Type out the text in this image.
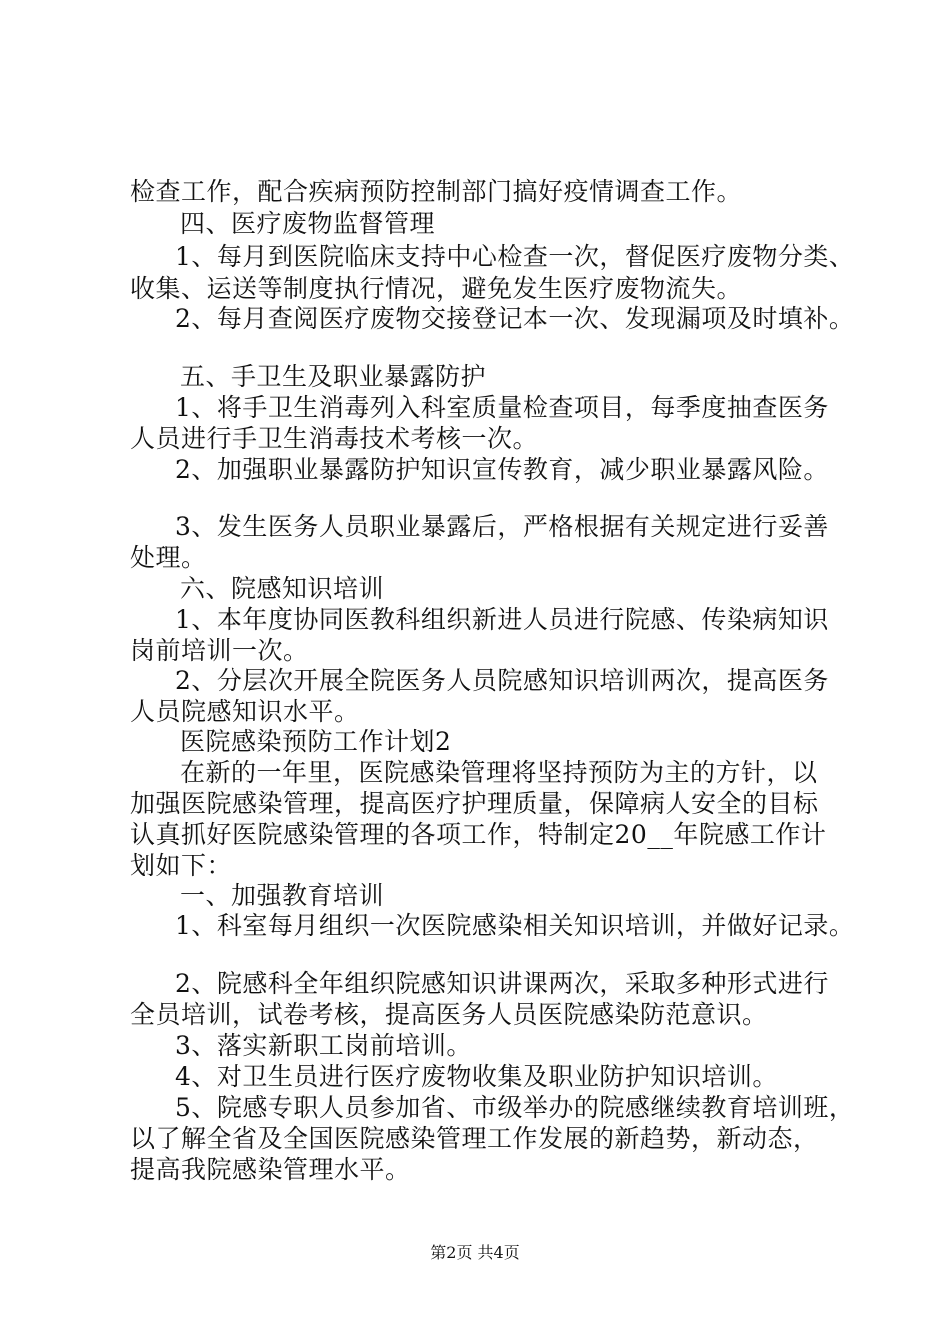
检查工作，配合疾病预防控制部门搞好疫情调查工作。
四、医疗废物监督管理
1、每月到医院临床支持中心检查一次，督促医疗废物分类、
收集、运送等制度执行情况，避免发生医疗废物流失。
2、每月查阅医疗废物交接登记本一次、发现漏项及时填补。
五、手卫生及职业暴露防护
1、将手卫生消毒列入科室质量检查项目，每季度抽查医务
人员进行手卫生消毒技术考核一次。
2、加强职业暴露防护知识宣传教育，减少职业暴露风险。
3、发生医务人员职业暴露后，严格根据有关规定进行妥善
处理。
六、院感知识培训
1、本年度协同医教科组织新进人员进行院感、传染病知识
岗前培训一次。
2、分层次开展全院医务人员院感知识培训两次，提高医务
人员院感知识水平。
医院感染预防工作计划2
在新的一年里，医院感染管理将坚持预防为主的方针，以
加强医院感染管理，提高医疗护理质量，保障病人安全的目标
认真抓好医院感染管理的各项工作，特制定20__年院感工作计
划如下：
一、加强教育培训
1、科室每月组织一次医院感染相关知识培训，并做好记录。
2、院感科全年组织院感知识讲课两次，采取多种形式进行
全员培训，试卷考核，提高医务人员医院感染防范意识。
3、落实新职工岗前培训。
4、对卫生员进行医疗废物收集及职业防护知识培训。
5、院感专职人员参加省、市级举办的院感继续教育培训班，
以了解全省及全国医院感染管理工作发展的新趋势，新动态，
提高我院感染管理水平。
第2页 共4页
